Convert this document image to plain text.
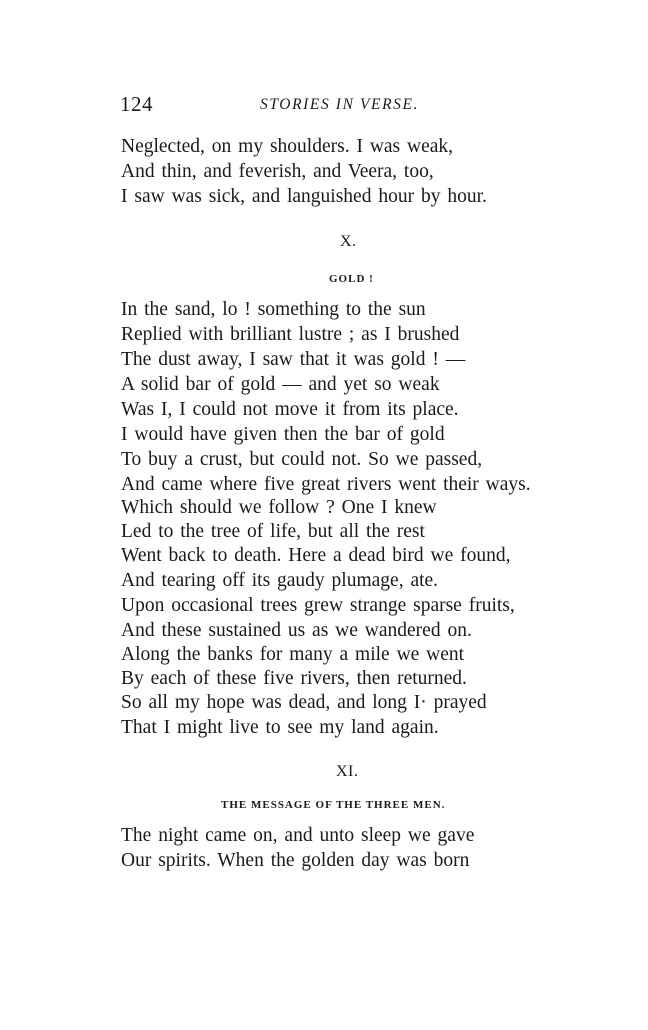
124	STORIES IN VERSE.
Neglected, on my shoulders. I was weak,
And thin, and feverish, and Veera, too,
I saw was sick, and languished hour by hour.
X.
GOLD !
In the sand, lo ! something to the sun
Replied with brilliant lustre ; as I brushed
The dust away, I saw that it was gold ! —
A solid bar of gold — and yet so weak
Was I, I could not move it from its place.
I would have given then the bar of gold
To buy a crust, but could not. So we passed,
And came where five great rivers went their ways.
Which should we follow ? One I knew
Led to the tree of life, but all the rest
Went back to death. Here a dead bird we found,
And tearing off its gaudy plumage, ate.
Upon occasional trees grew strange sparse fruits,
And these sustained us as we wandered on.
Along the banks for many a mile we went
By each of these five rivers, then returned.
So all my hope was dead, and long I· prayed
That I might live to see my land again.
XI.
THE MESSAGE OF THE THREE MEN.
The night came on, and unto sleep we gave
Our spirits. When the golden day was born
